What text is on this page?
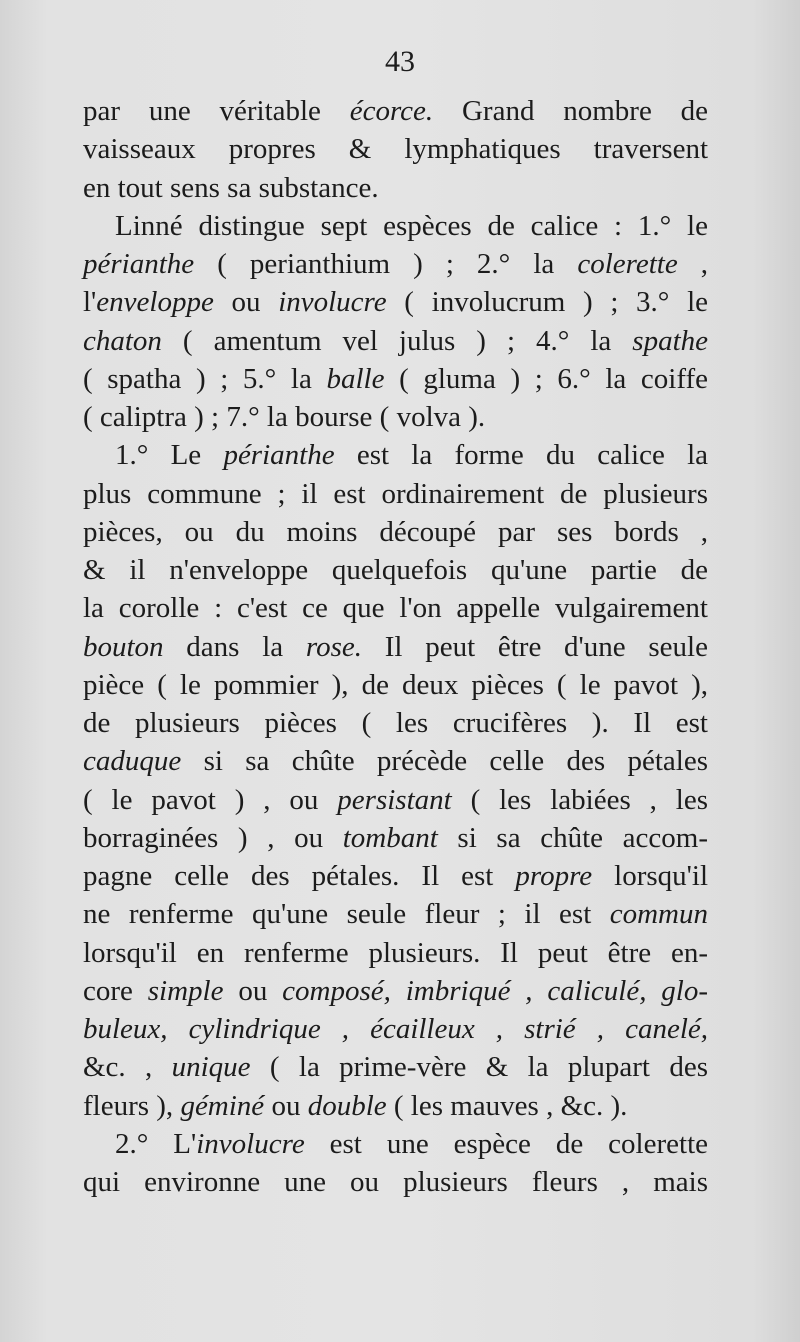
43
par une véritable écorce. Grand nombre de
vaisseaux propres & lymphatiques traversent
en tout sens sa substance.
Linné distingue sept espèces de calice : 1.° le
périanthe ( perianthium ) ; 2.° la colerette ,
l'enveloppe ou involucre ( involucrum ) ; 3.° le
chaton ( amentum vel julus ) ; 4.° la spathe
( spatha ) ; 5.° la balle ( gluma ) ; 6.° la coiffe
( caliptra ) ; 7.° la bourse ( volva ).
1.° Le périanthe est la forme du calice la
plus commune ; il est ordinairement de plusieurs
pièces, ou du moins découpé par ses bords ,
& il n'enveloppe quelquefois qu'une partie de
la corolle : c'est ce que l'on appelle vulgairement
bouton dans la rose. Il peut être d'une seule
pièce ( le pommier ), de deux pièces ( le pavot ),
de plusieurs pièces ( les crucifères ). Il est
caduque si sa chûte précède celle des pétales
( le pavot ) , ou persistant ( les labiées , les
borraginées ) , ou tombant si sa chûte accom-
pagne celle des pétales. Il est propre lorsqu'il
ne renferme qu'une seule fleur ; il est commun
lorsqu'il en renferme plusieurs. Il peut être en-
core simple ou composé, imbriqué , caliculé, glo-
buleux, cylindrique , écailleux , strié , canelé,
&c. , unique ( la prime-vère & la plupart des
fleurs ), géminé ou double ( les mauves , &c. ).
2.° L'involucre est une espèce de colerette
qui environne une ou plusieurs fleurs , mais
